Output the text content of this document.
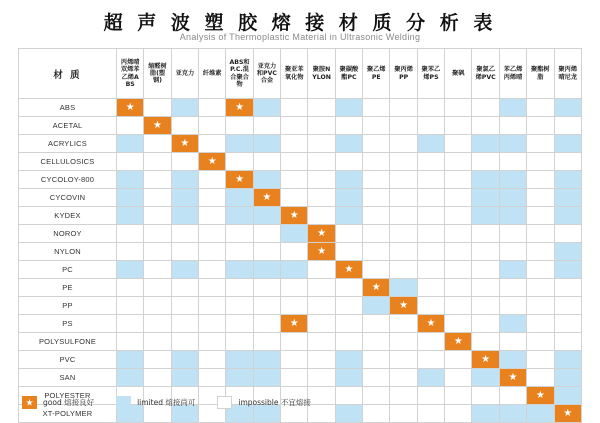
超 声 波 塑 胶 熔 接 材 质 分 析 表
Analysis of Thermoplastic Material in Ultrasonic Welding
材 质	丙烯晴双烯苯乙烯ABS	缩醛树脂(塑钢)	亚克力	纤维素	ABS和P.C.混合聚合物	亚克力和PVC合金	聚亚苯氧化物	聚胺NYLON	聚碳酸酯PC	聚乙烯PE	聚丙烯PP	聚苯乙烯PS	聚砜	聚氯乙烯PVC	苯乙烯丙烯晴	聚酯树脂	聚丙烯晴尼龙

ABS	★				★												
ACETAL		★															
ACRYLICS			★														
CELLULOSICS				★													
CYCOLOY-800					★												
CYCOVIN						★											
KYDEX							★										
NOROY								★									
NYLON								★									
PC									★								
PE										★							
PP											★						
PS							★					★					
POLYSULFONE													★				
PVC														★			
SAN															★		
POLYESTER																★	
XT-POLYMER																	★
★
good 熔接良好	limited 熔接尚可	impossible 不宜熔接
